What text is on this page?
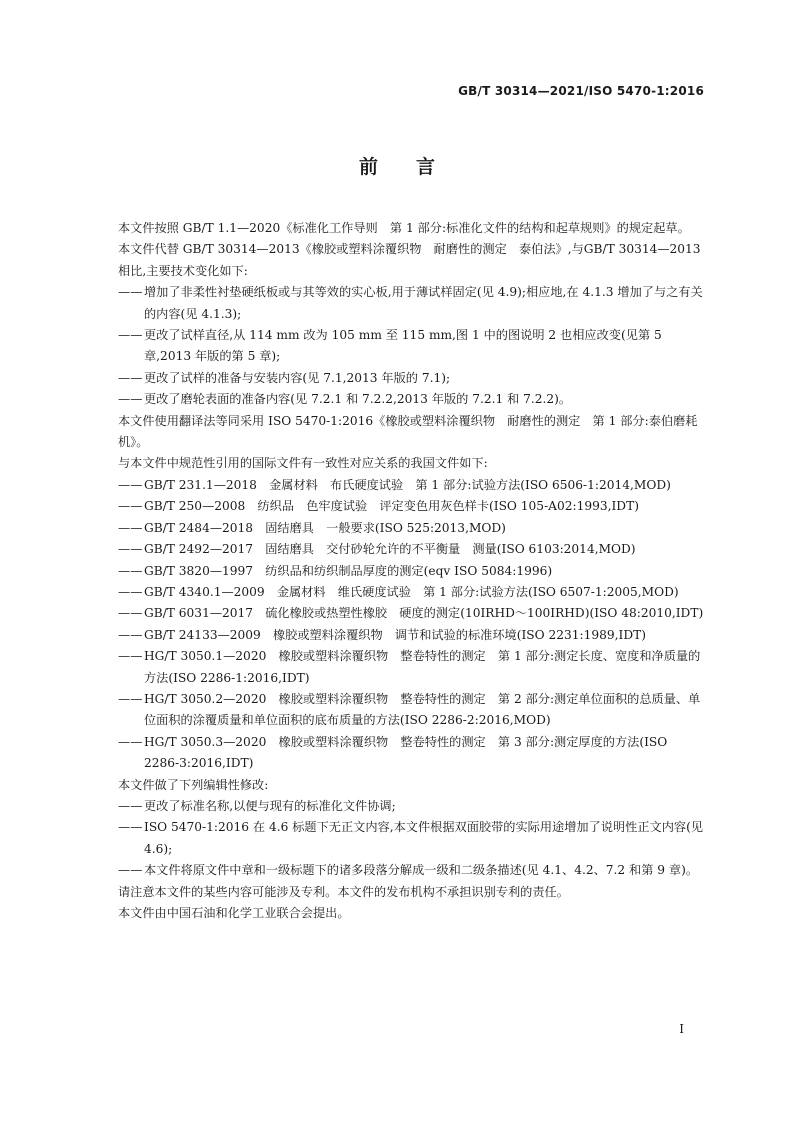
GB/T 30314—2021/ISO 5470-1:2016
前言

本文件按照 GB/T 1.1—2020《标准化工作导则　第 1 部分:标准化文件的结构和起草规则》的规定起草。

本文件代替 GB/T 30314—2013《橡胶或塑料涂覆织物　耐磨性的测定　泰伯法》,与GB/T 30314—2013 相比,主要技术变化如下:

—— 增加了非柔性衬垫硬纸板或与其等效的实心板,用于薄试样固定(见 4.9);相应地,在 4.1.3 增加了与之有关的内容(见 4.1.3);

—— 更改了试样直径,从 114 mm 改为 105 mm 至 115 mm,图 1 中的图说明 2 也相应改变(见第 5 章,2013 年版的第 5 章);

—— 更改了试样的准备与安装内容(见 7.1,2013 年版的 7.1);

—— 更改了磨轮表面的准备内容(见 7.2.1 和 7.2.2,2013 年版的 7.2.1 和 7.2.2)。

本文件使用翻译法等同采用 ISO 5470-1:2016《橡胶或塑料涂覆织物　耐磨性的测定　第 1 部分:泰伯磨耗机》。

与本文件中规范性引用的国际文件有一致性对应关系的我国文件如下:

—— GB/T 231.1—2018　金属材料　布氏硬度试验　第 1 部分:试验方法(ISO 6506-1:2014,MOD)

—— GB/T 250—2008　纺织品　色牢度试验　评定变色用灰色样卡(ISO 105-A02:1993,IDT)

—— GB/T 2484—2018　固结磨具　一般要求(ISO 525:2013,MOD)

—— GB/T 2492—2017　固结磨具　交付砂轮允许的不平衡量　测量(ISO 6103:2014,MOD)

—— GB/T 3820—1997　纺织品和纺织制品厚度的测定(eqv ISO 5084:1996)

—— GB/T 4340.1—2009　金属材料　维氏硬度试验　第 1 部分:试验方法(ISO 6507-1:2005,MOD)

—— GB/T 6031—2017　硫化橡胶或热塑性橡胶　硬度的测定(10IRHD～100IRHD)(ISO 48:2010,IDT)

—— GB/T 24133—2009　橡胶或塑料涂覆织物　调节和试验的标准环境(ISO 2231:1989,IDT)

—— HG/T 3050.1—2020　橡胶或塑料涂覆织物　整卷特性的测定　第 1 部分:测定长度、宽度和净质量的方法(ISO 2286-1:2016,IDT)

—— HG/T 3050.2—2020　橡胶或塑料涂覆织物　整卷特性的测定　第 2 部分:测定单位面积的总质量、单位面积的涂覆质量和单位面积的底布质量的方法(ISO 2286-2:2016,MOD)

—— HG/T 3050.3—2020　橡胶或塑料涂覆织物　整卷特性的测定　第 3 部分:测定厚度的方法(ISO 2286-3:2016,IDT)

本文件做了下列编辑性修改:

—— 更改了标准名称,以便与现有的标准化文件协调;

—— ISO 5470-1:2016 在 4.6 标题下无正文内容,本文件根据双面胶带的实际用途增加了说明性正文内容(见 4.6);

—— 本文件将原文件中章和一级标题下的诸多段落分解成一级和二级条描述(见 4.1、4.2、7.2 和第 9 章)。

请注意本文件的某些内容可能涉及专利。本文件的发布机构不承担识别专利的责任。

本文件由中国石油和化学工业联合会提出。

Ⅰ
